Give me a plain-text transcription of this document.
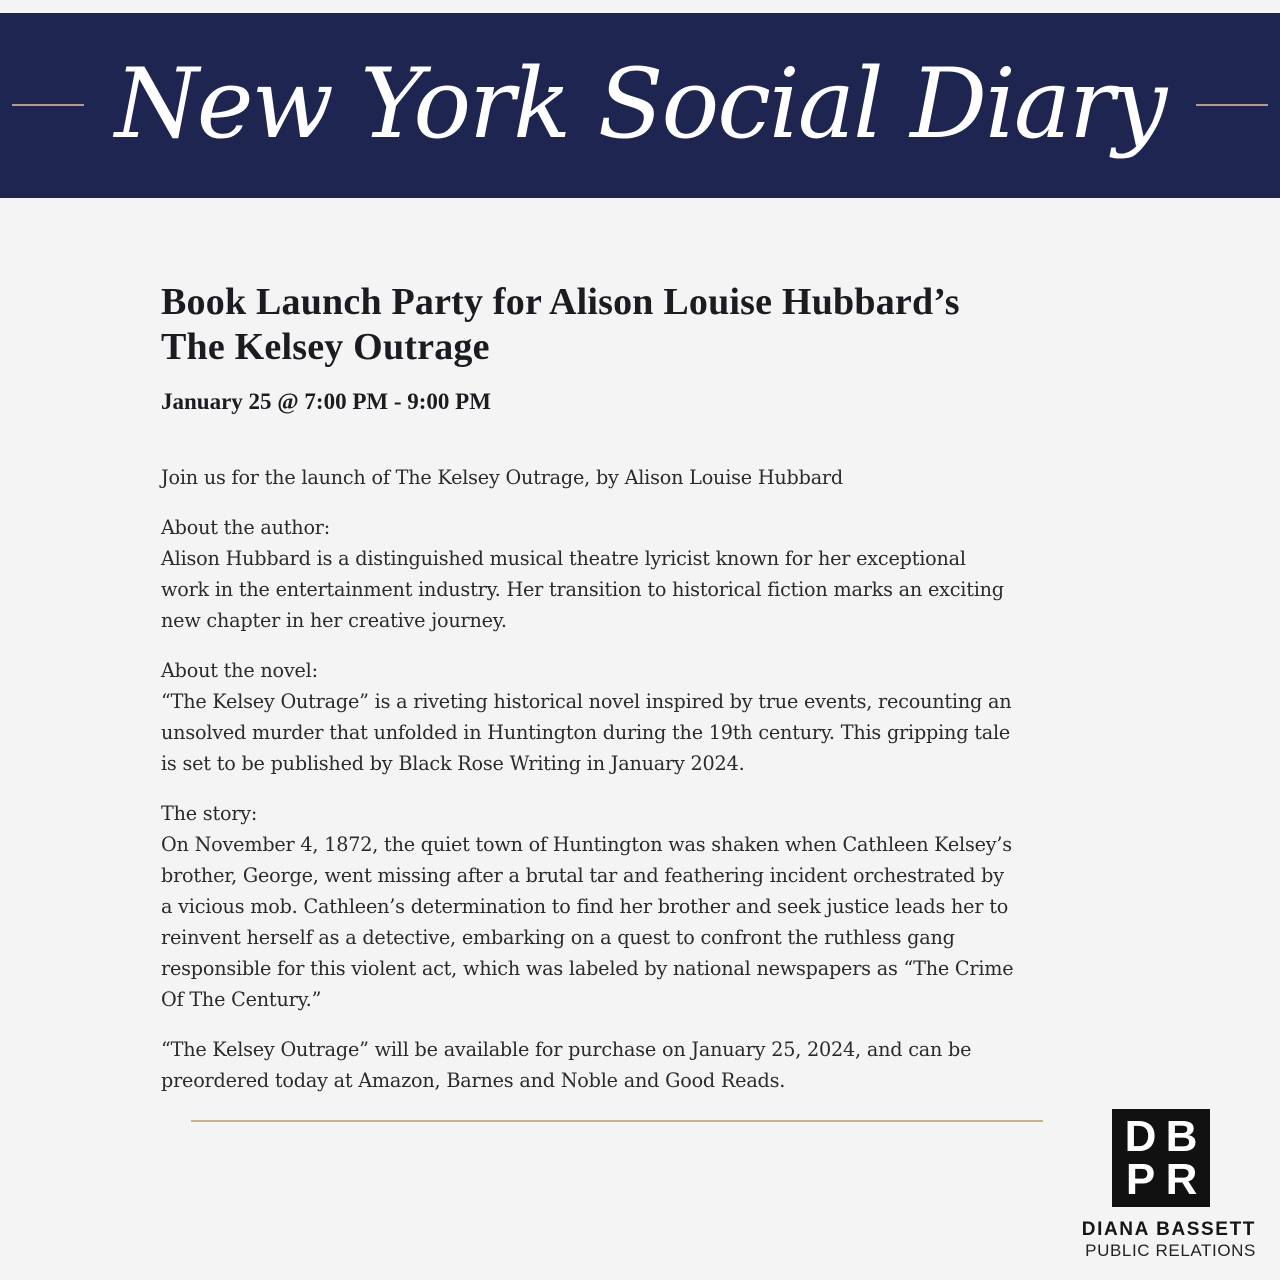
New York Social Diary
Book Launch Party for Alison Louise Hubbard’s
The Kelsey Outrage
January 25 @ 7:00 PM - 9:00 PM

Join us for the launch of The Kelsey Outrage, by Alison Louise Hubbard

About the author:
Alison Hubbard is a distinguished musical theatre lyricist known for her exceptional
work in the entertainment industry. Her transition to historical fiction marks an exciting
new chapter in her creative journey.

About the novel:
“The Kelsey Outrage” is a riveting historical novel inspired by true events, recounting an
unsolved murder that unfolded in Huntington during the 19th century. This gripping tale
is set to be published by Black Rose Writing in January 2024.

The story:
On November 4, 1872, the quiet town of Huntington was shaken when Cathleen Kelsey’s
brother, George, went missing after a brutal tar and feathering incident orchestrated by
a vicious mob. Cathleen’s determination to find her brother and seek justice leads her to
reinvent herself as a detective, embarking on a quest to confront the ruthless gang
responsible for this violent act, which was labeled by national newspapers as “The Crime
Of The Century.”

“The Kelsey Outrage” will be available for purchase on January 25, 2024, and can be
preordered today at Amazon, Barnes and Noble and Good Reads.

D B
P R
DIANA BASSETT
PUBLIC RELATIONS
